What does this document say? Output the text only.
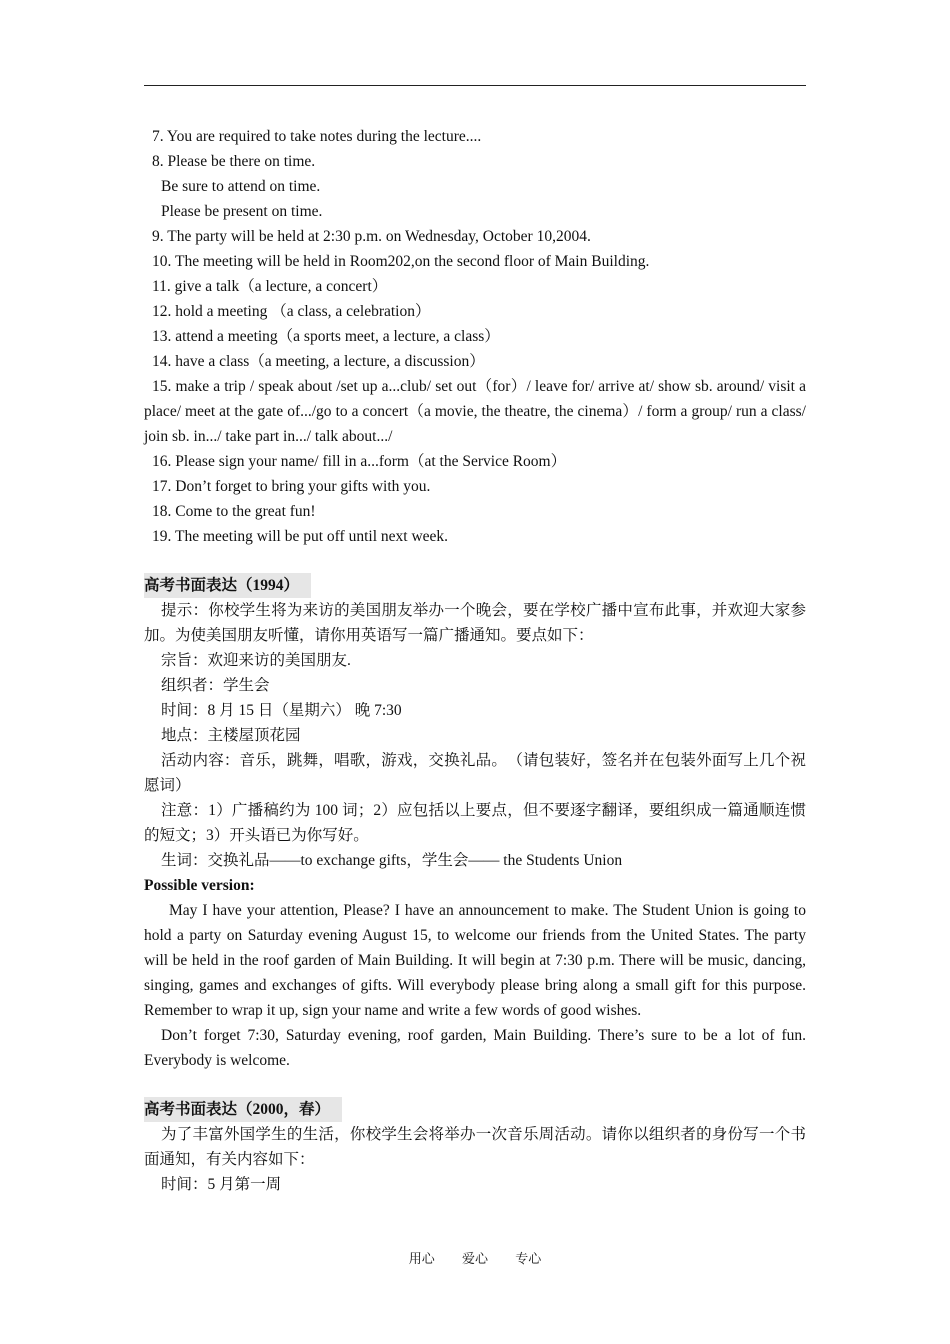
7. You are required to take notes during the lecture....
8. Please be there on time.
Be sure to attend on time.
Please be present on time.
9. The party will be held at 2:30 p.m. on Wednesday, October 10,2004.
10. The meeting will be held in Room202,on the second floor of Main Building.
11. give a talk（a lecture, a concert）
12. hold a meeting （a class, a celebration）
13. attend a meeting（a sports meet, a lecture, a class）
14. have a class（a meeting, a lecture, a discussion）
15. make a trip / speak about /set up a...club/ set out（for）/ leave for/ arrive at/ show sb. around/ visit a place/ meet at the gate of.../go to a concert（a movie, the theatre, the cinema）/ form a group/ run a class/ join sb. in.../ take part in.../ talk about.../
16. Please sign your name/ fill in a...form（at the Service Room）
17. Don’t forget to bring your gifts with you.
18. Come to the great fun!
19. The meeting will be put off until next week.
高考书面表达（1994）
提示：你校学生将为来访的美国朋友举办一个晚会，要在学校广播中宣布此事，并欢迎大家参加。为使美国朋友听懂，请你用英语写一篇广播通知。要点如下：
宗旨：欢迎来访的美国朋友.
组织者：学生会
时间：8 月 15 日（星期六） 晚 7:30
地点：主楼屋顶花园
活动内容：音乐，跳舞，唱歌，游戏，交换礼品。　（请包装好，签名并在包装外面写上几个祝愿词）
注意：1）广播稿约为 100 词；2）应包括以上要点，但不要逐字翻译，要组织成一篇通顺连惯的短文；3）开头语已为你写好。
生词：交换礼品——to exchange gifts，学生会—— the Students Union
Possible version:
May I have your attention, Please? I have an announcement to make. The Student Union is going to hold a party on Saturday evening August 15, to welcome our friends from the United States. The party will be held in the roof garden of Main Building. It will begin at 7:30 p.m. There will be music, dancing, singing, games and exchanges of gifts. Will everybody please bring along a small gift for this purpose. Remember to wrap it up, sign your name and write a few words of good wishes.
Don’t forget 7:30, Saturday evening, roof garden, Main Building. There’s sure to be a lot of fun. Everybody is welcome.
高考书面表达（2000，春）
为了丰富外国学生的生活，你校学生会将举办一次音乐周活动。请你以组织者的身份写一个书面通知，有关内容如下：
时间：5 月第一周
用心 爱心 专心
